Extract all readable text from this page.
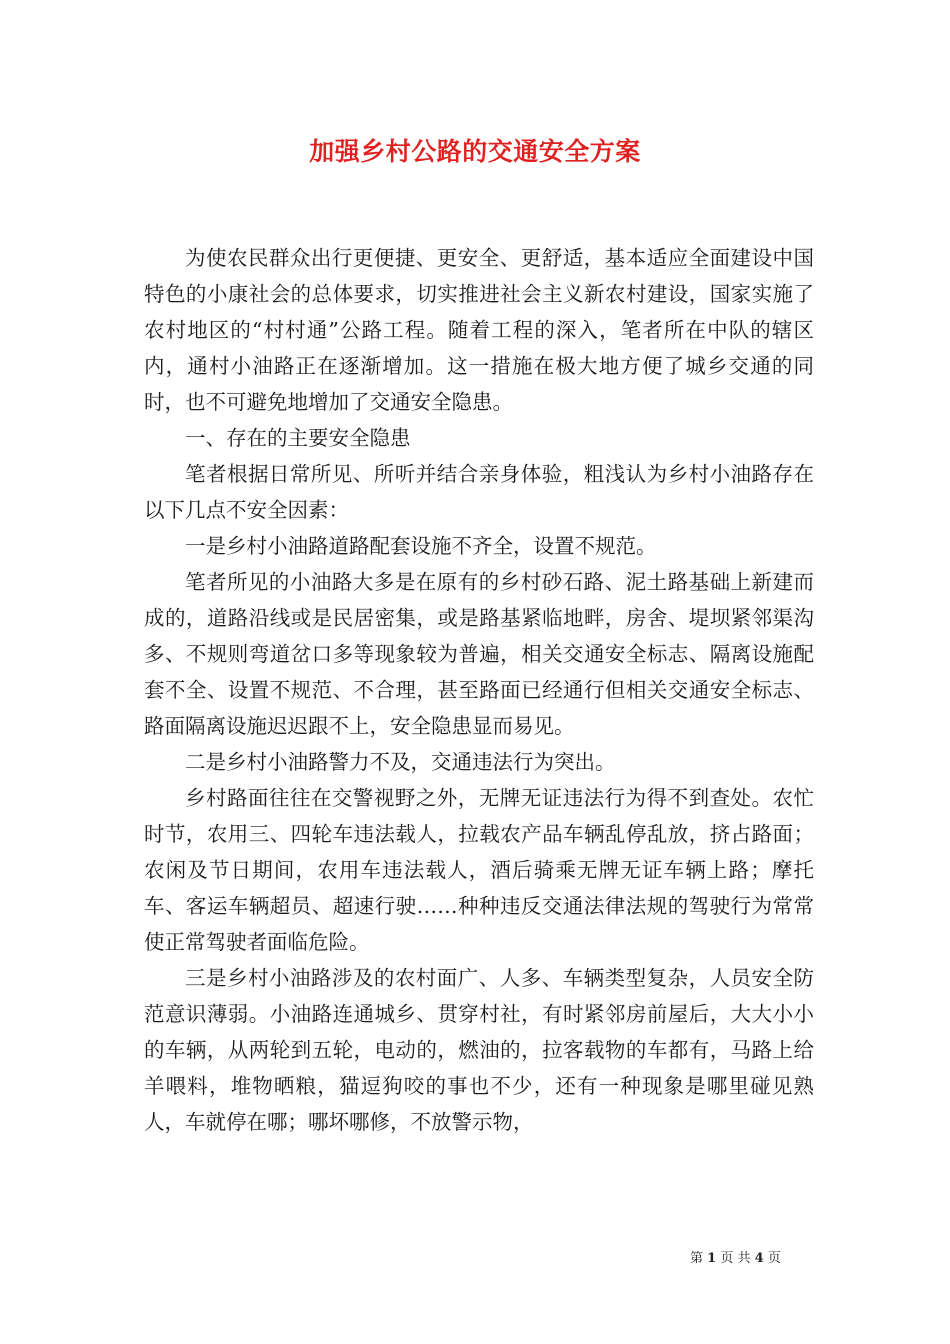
加强乡村公路的交通安全方案

为使农民群众出行更便捷、更安全、更舒适，基本适应全面建设中国特色的小康社会的总体要求，切实推进社会主义新农村建设，国家实施了农村地区的“村村通”公路工程。随着工程的深入，笔者所在中队的辖区内，通村小油路正在逐渐增加。这一措施在极大地方便了城乡交通的同时，也不可避免地增加了交通安全隐患。

一、存在的主要安全隐患

笔者根据日常所见、所听并结合亲身体验，粗浅认为乡村小油路存在以下几点不安全因素：

一是乡村小油路道路配套设施不齐全，设置不规范。

笔者所见的小油路大多是在原有的乡村砂石路、泥土路基础上新建而成的，道路沿线或是民居密集，或是路基紧临地畔，房舍、堤坝紧邻渠沟多、不规则弯道岔口多等现象较为普遍，相关交通安全标志、隔离设施配套不全、设置不规范、不合理，甚至路面已经通行但相关交通安全标志、路面隔离设施迟迟跟不上，安全隐患显而易见。

二是乡村小油路警力不及，交通违法行为突出。

乡村路面往往在交警视野之外，无牌无证违法行为得不到查处。农忙时节，农用三、四轮车违法载人，拉载农产品车辆乱停乱放，挤占路面；农闲及节日期间，农用车违法载人，酒后骑乘无牌无证车辆上路；摩托车、客运车辆超员、超速行驶……种种违反交通法律法规的驾驶行为常常使正常驾驶者面临危险。

三是乡村小油路涉及的农村面广、人多、车辆类型复杂，人员安全防范意识薄弱。小油路连通城乡、贯穿村社，有时紧邻房前屋后，大大小小的车辆，从两轮到五轮，电动的，燃油的，拉客载物的车都有，马路上给羊喂料，堆物晒粮，猫逗狗咬的事也不少，还有一种现象是哪里碰见熟人，车就停在哪；哪坏哪修，不放警示物，

第 1 页 共 4 页
